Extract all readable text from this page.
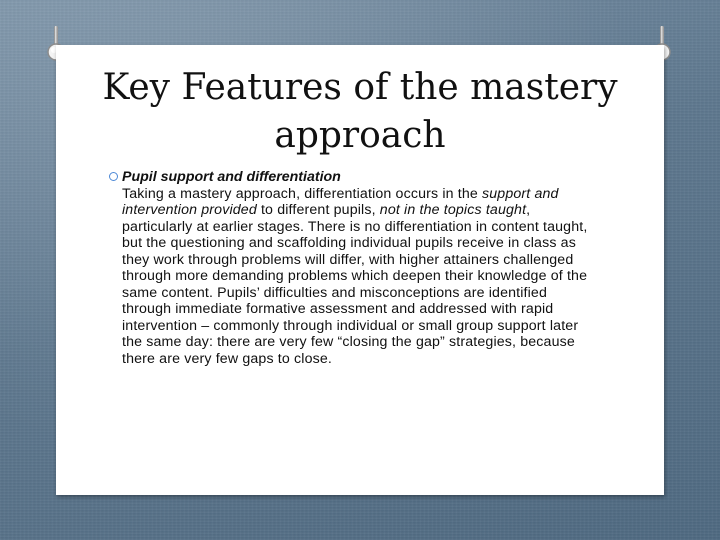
Key Features of the mastery
approach
Pupil support and differentiation

Taking a mastery approach, differentiation occurs in the support and intervention provided to different pupils, not in the topics taught, particularly at earlier stages. There is no differentiation in content taught, but the questioning and scaffolding individual pupils receive in class as they work through problems will differ, with higher attainers challenged through more demanding problems which deepen their knowledge of the same content. Pupils’ difficulties and misconceptions are identified through immediate formative assessment and addressed with rapid intervention – commonly through individual or small group support later the same day: there are very few “closing the gap” strategies, because there are very few gaps to close.
